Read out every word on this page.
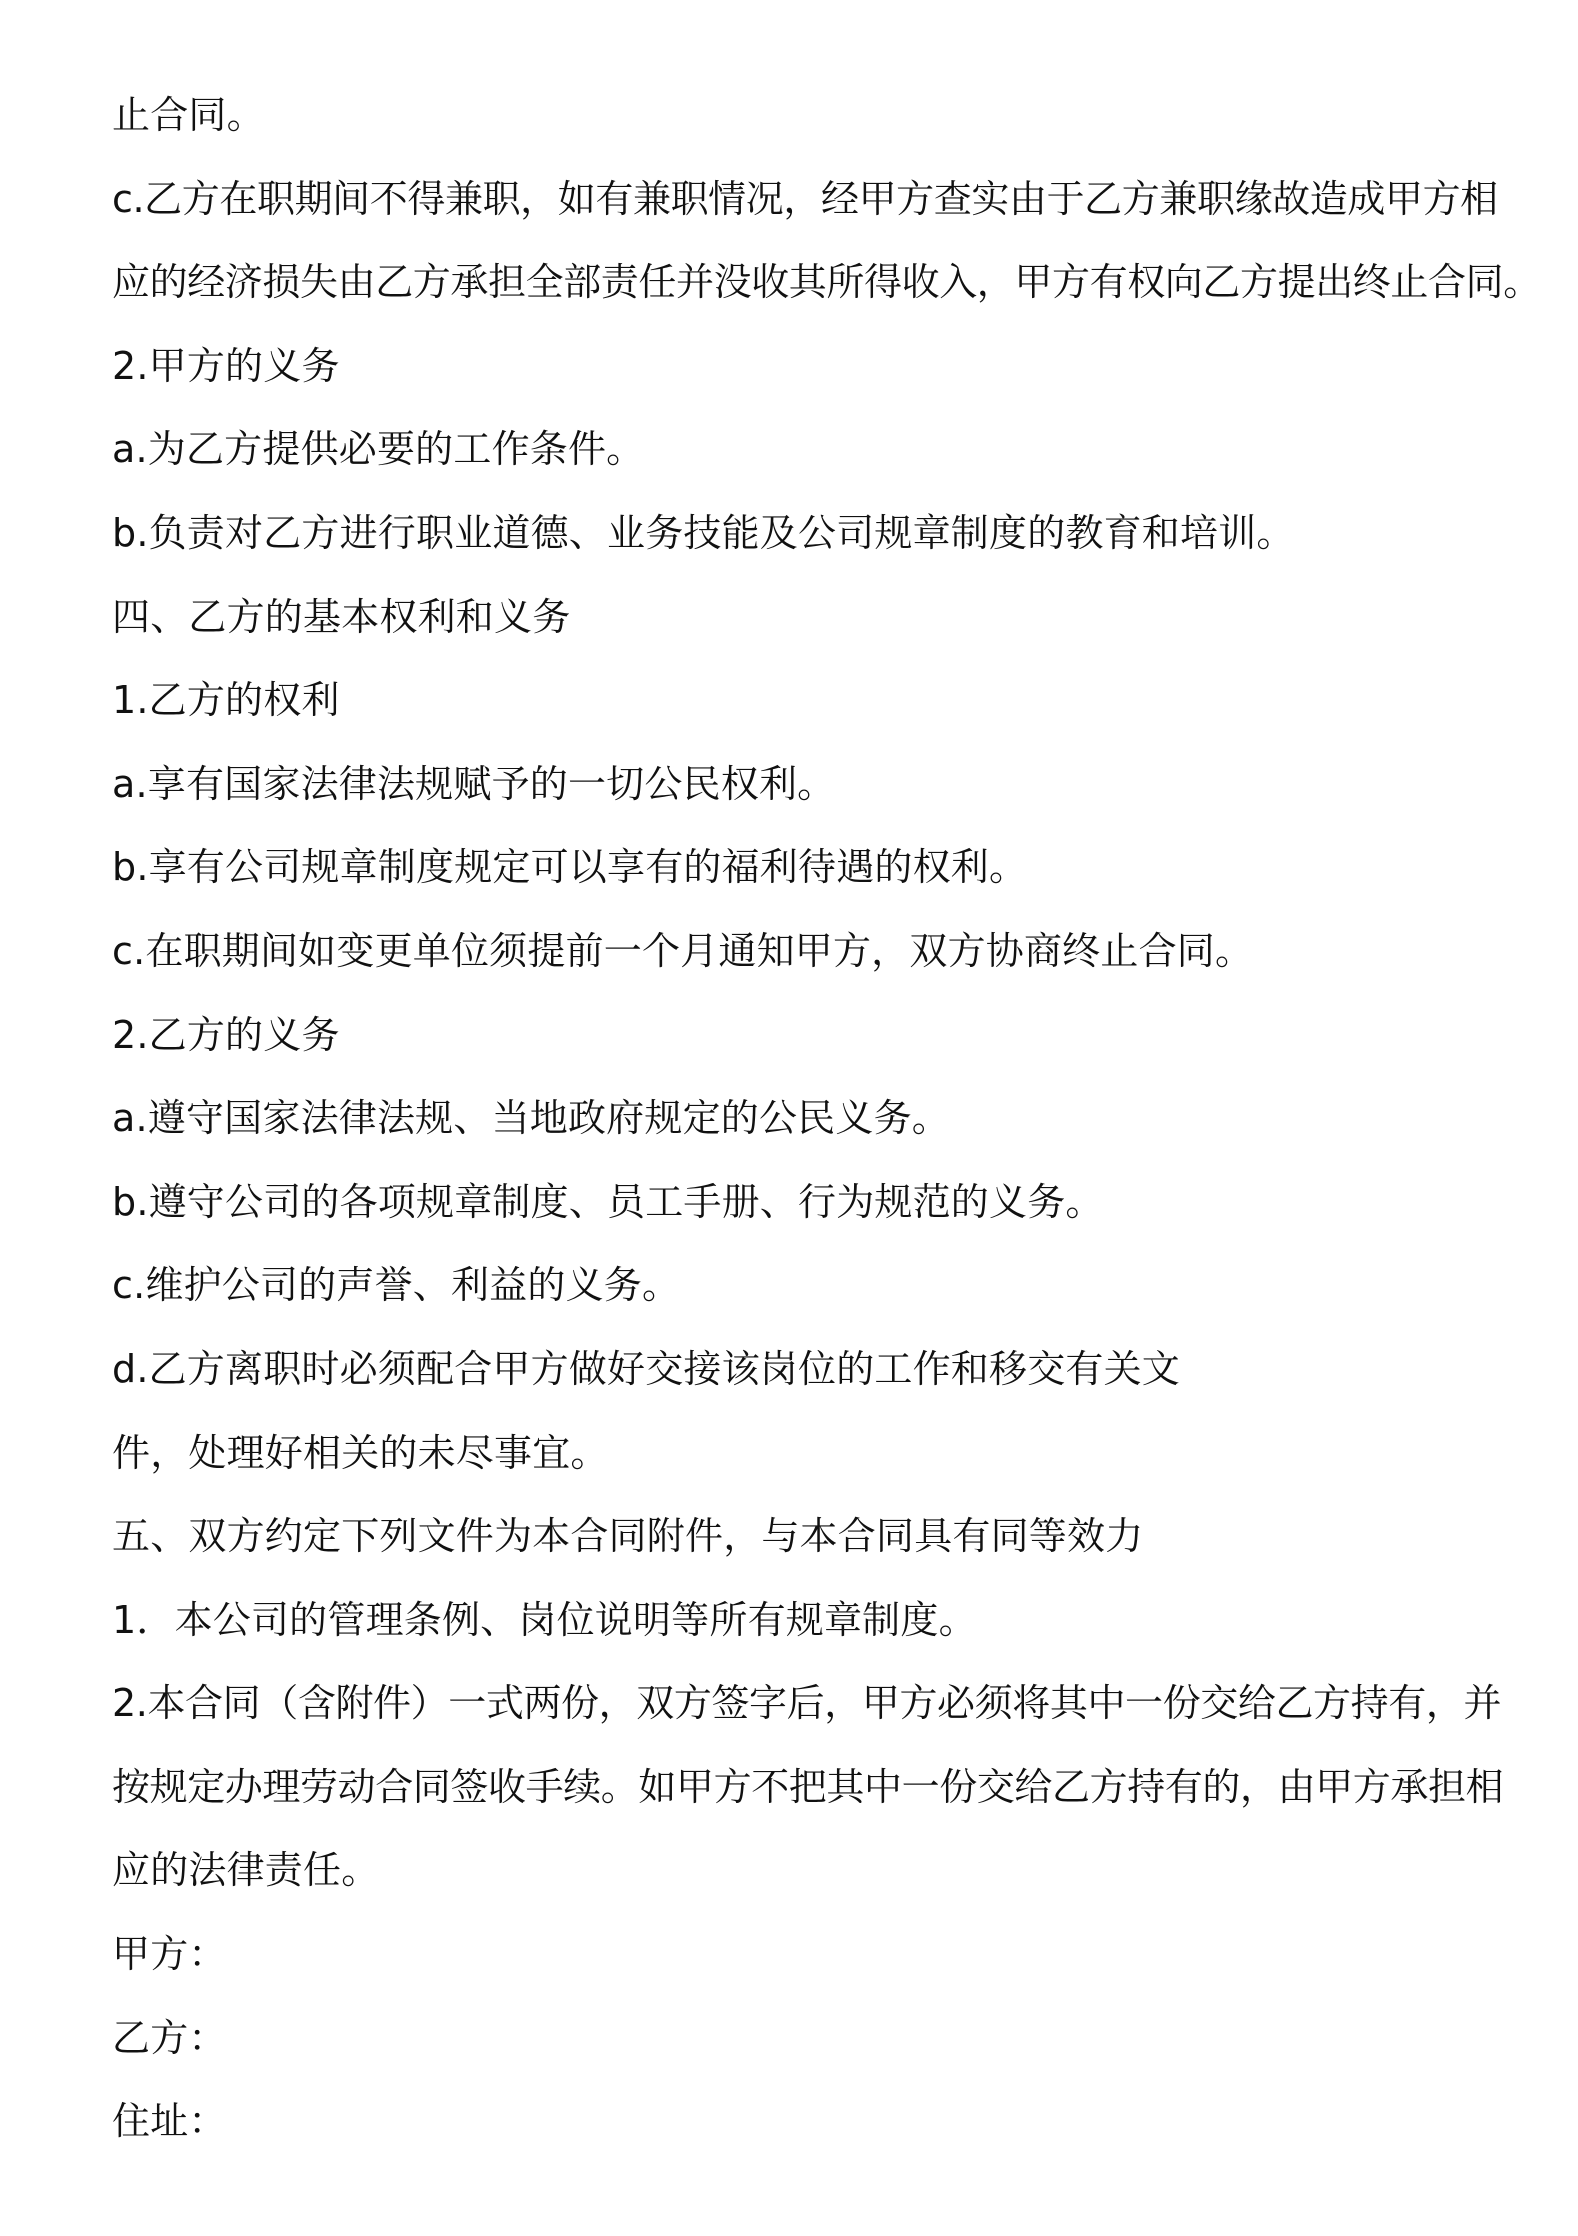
止合同。
c.乙方在职期间不得兼职，如有兼职情况，经甲方查实由于乙方兼职缘故造成甲方相
应的经济损失由乙方承担全部责任并没收其所得收入，甲方有权向乙方提出终止合同。
2.甲方的义务
a.为乙方提供必要的工作条件。
b.负责对乙方进行职业道德、业务技能及公司规章制度的教育和培训。
四、乙方的基本权利和义务
1.乙方的权利
a.享有国家法律法规赋予的一切公民权利。
b.享有公司规章制度规定可以享有的福利待遇的权利。
c.在职期间如变更单位须提前一个月通知甲方，双方协商终止合同。
2.乙方的义务
a.遵守国家法律法规、当地政府规定的公民义务。
b.遵守公司的各项规章制度、员工手册、行为规范的义务。
c.维护公司的声誉、利益的义务。
d.乙方离职时必须配合甲方做好交接该岗位的工作和移交有关文
件，处理好相关的未尽事宜。
五、双方约定下列文件为本合同附件，与本合同具有同等效力
1．本公司的管理条例、岗位说明等所有规章制度。
2.本合同（含附件）一式两份，双方签字后，甲方必须将其中一份交给乙方持有，并
按规定办理劳动合同签收手续。如甲方不把其中一份交给乙方持有的，由甲方承担相
应的法律责任。
甲方：
乙方：
住址：
